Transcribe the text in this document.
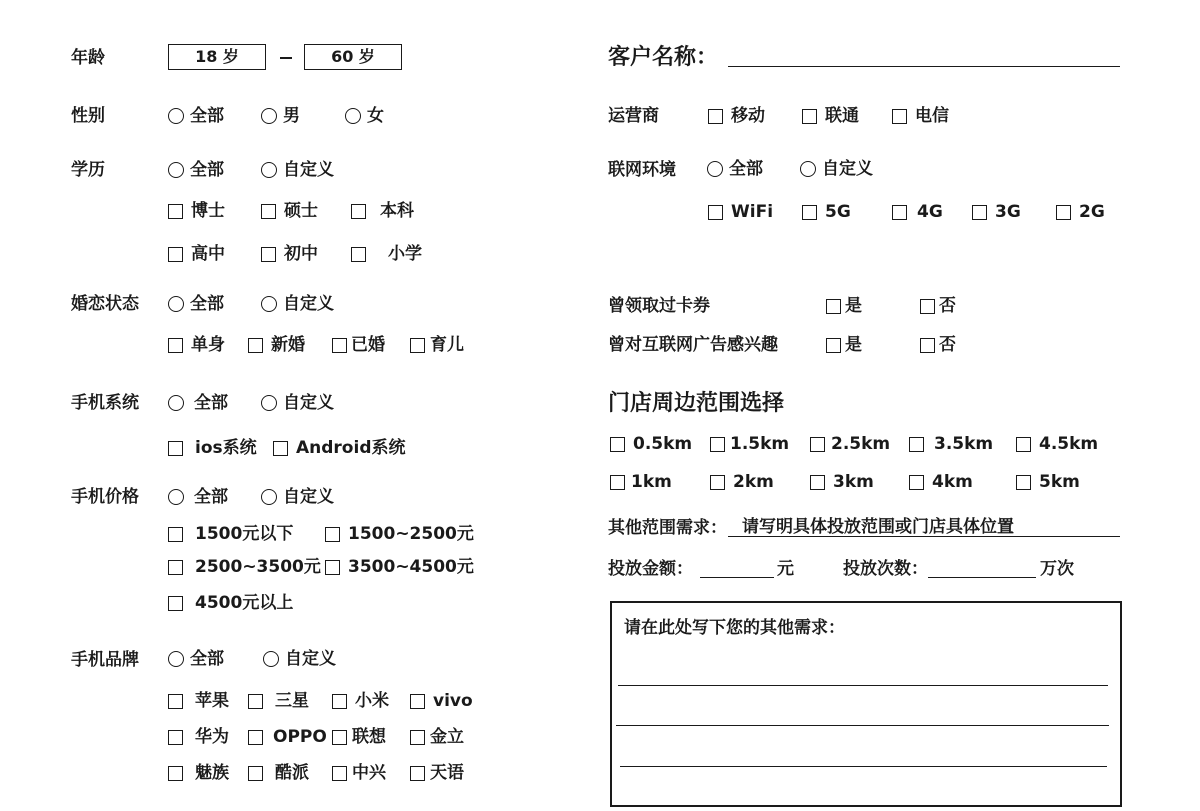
年龄	18 岁	60 岁
性别	全部	男	女
学历	全部	自定义
博士	硕士	本科
高中	初中	小学
婚恋状态	全部	自定义
单身	新婚	已婚	育儿
手机系统	全部	自定义
ios系统 Android系统
手机价格	全部	自定义
1500元以下	1500~2500元
2500~3500元 3500~4500元
4500元以上
手机品牌	全部	自定义
苹果	三星	小米	vivo
华为	OPPO 联想	金立
魅族	酷派	中兴	天语
客户名称：
运营商	移动	联通	电信
联网环境	全部	自定义
WiFi	5G	4G	3G	2G
曾领取过卡券	是	否
曾对互联网广告感兴趣	是	否
门店周边范围选择
0.5km 1.5km 2.5km	3.5km	4.5km
1km	2km	3km	4km	5km
其他范围需求： 请写明具体投放范围或门店具体位置
投放金额：	元	投放次数：	万次
请在此处写下您的其他需求：
